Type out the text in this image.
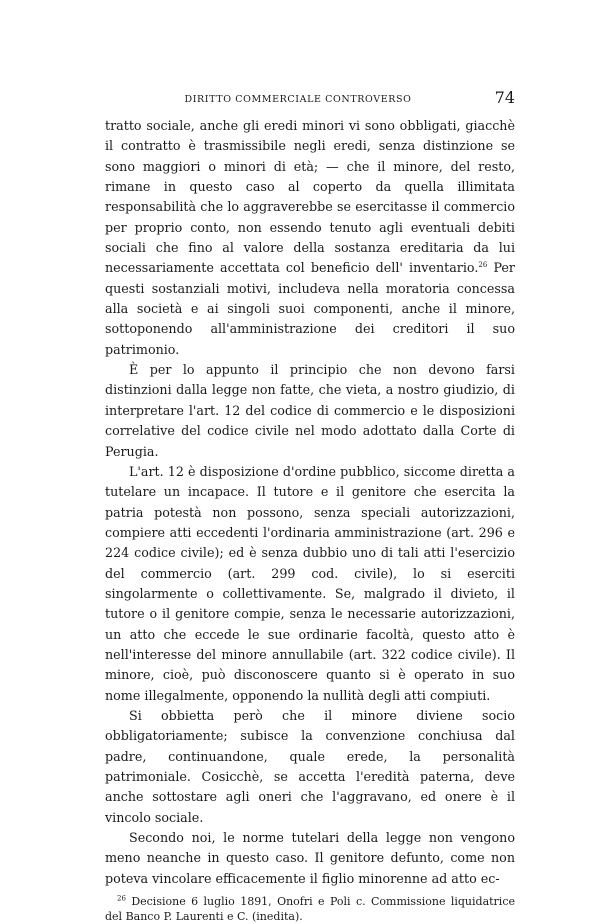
DIRITTO COMMERCIALE CONTROVERSO	74

tratto sociale, anche gli eredi minori vi sono obbligati, giacchè il contratto è trasmissibile negli eredi, senza distinzione se sono maggiori o minori di età; — che il minore, del resto, rimane in questo caso al coperto da quella illimitata responsabilità che lo aggraverebbe se esercitasse il commercio per proprio conto, non essendo tenuto agli eventuali debiti sociali che fino al valore della sostanza ereditaria da lui necessariamente accettata col beneficio dell' inventario.$^{26}$ Per questi sostanziali motivi, includeva nella moratoria concessa alla società e ai singoli suoi componenti, anche il minore, sottoponendo all'amministrazione dei creditori il suo patrimonio.

È per lo appunto il principio che non devono farsi distinzioni dalla legge non fatte, che vieta, a nostro giudizio, di interpretare l'art. 12 del codice di commercio e le disposizioni correlative del codice civile nel modo adottato dalla Corte di Perugia.

L'art. 12 è disposizione d'ordine pubblico, siccome diretta a tutelare un incapace. Il tutore e il genitore che esercita la patria potestà non possono, senza speciali autorizzazioni, compiere atti eccedenti l'ordinaria amministrazione (art. 296 e 224 codice civile); ed è senza dubbio uno di tali atti l'esercizio del commercio (art. 299 cod. civile), lo si eserciti singolarmente o collettivamente. Se, malgrado il divieto, il tutore o il genitore compie, senza le necessarie autorizzazioni, un atto che eccede le sue ordinarie facoltà, questo atto è nell'interesse del minore annullabile (art. 322 codice civile). Il minore, cioè, può disconoscere quanto si è operato in suo nome illegalmente, opponendo la nullità degli atti compiuti.

Si obbietta però che il minore diviene socio obbligatoriamente; subisce la convenzione conchiusa dal padre, continuandone, quale erede, la personalità patrimoniale. Cosicchè, se accetta l'eredità paterna, deve anche sottostare agli oneri che l'aggravano, ed onere è il vincolo sociale.

Secondo noi, le norme tutelari della legge non vengono meno neanche in questo caso. Il genitore defunto, come non poteva vincolare efficacemente il figlio minorenne ad atto ec-

$^{26}$ Decisione 6 luglio 1891, Onofri e Poli c. Commissione liquidatrice del Banco P. Laurenti e C. (inedita).
